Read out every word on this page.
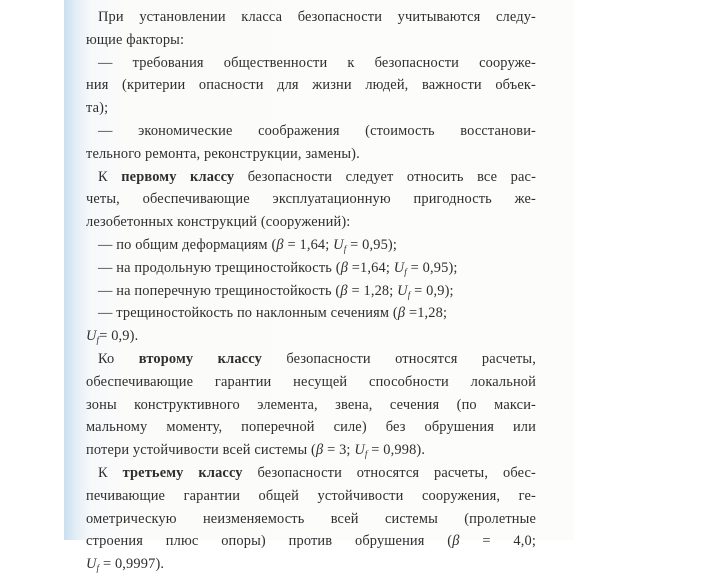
При установлении класса безопасности учитываются следу-
ющие факторы:
— требования общественности к безопасности сооруже-
ния (критерии опасности для жизни людей, важности объек-
та);
— экономические соображения (стоимость восстанови-
тельного ремонта, реконструкции, замены).
К первому классу безопасности следует относить все рас-
четы, обеспечивающие эксплуатационную пригодность же-
лезобетонных конструкций (сооружений):
— по общим деформациям (β = 1,64; $U_f = 0,95$);
— на продольную трещиностойкость (β =1,64; $U_f = 0,95$);
— на поперечную трещиностойкость (β = 1,28; $U_f = 0,9$);
— трещиностойкость по наклонным сечениям (β =1,28;
$U_f= 0,9$).
Ко второму классу безопасности относятся расчеты,
обеспечивающие гарантии несущей способности локальной
зоны конструктивного элемента, звена, сечения (по макси-
мальному моменту, поперечной силе) без обрушения или
потери устойчивости всей системы (β = 3; $U_f = 0,998$).
К третьему классу безопасности относятся расчеты, обес-
печивающие гарантии общей устойчивости сооружения, ге-
ометрическую неизменяемость всей системы (пролетные
строения плюс опоры) против обрушения (β = 4,0;
$U_f = 0,9997$).
